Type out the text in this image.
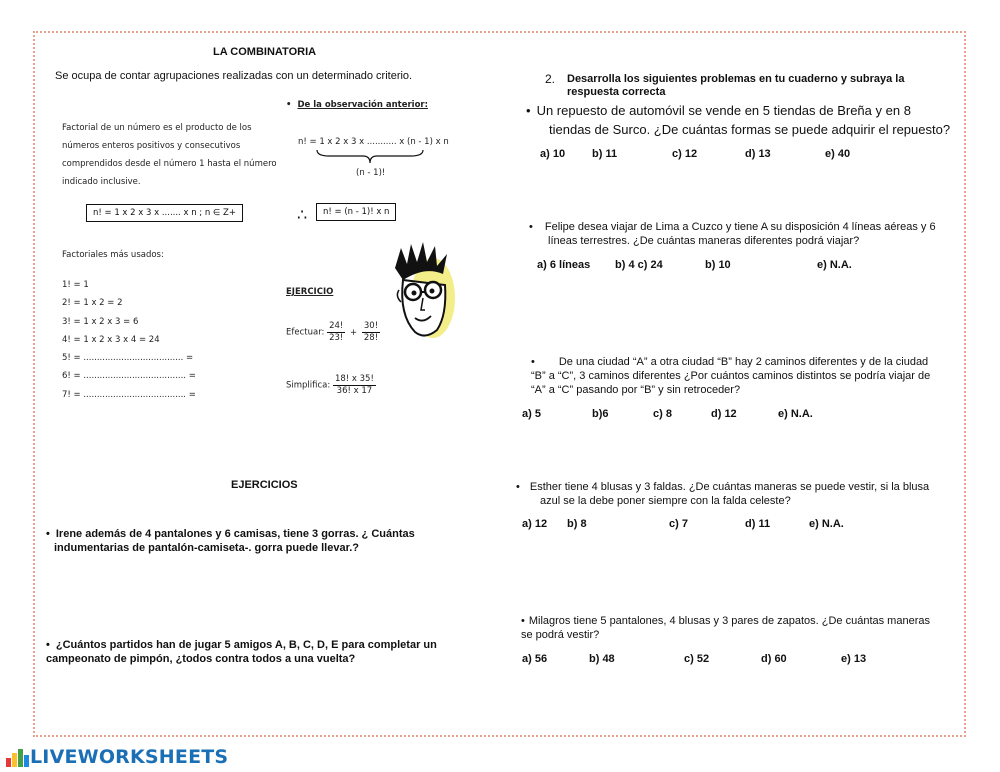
LA COMBINATORIA
Se ocupa de contar agrupaciones realizadas con un determinado criterio.
Factorial de un número es el producto de los
números enteros positivos y consecutivos
comprendidos desde el número 1 hasta el número
indicado inclusive.
n! = 1 x 2 x 3 x ....... x n ; n ∈ Z+
• De la observación anterior:
n! = 1 x 2 x 3 x ........... x (n - 1) x n
(n - 1)!
∴	n! = (n - 1)! x n
Factoriales más usados:
1! = 1
2! = 1 x 2 = 2
3! = 1 x 2 x 3 = 6
4! = 1 x 2 x 3 x 4 = 24
5! = ..................................... =
6! = ...................................... =
7! = ...................................... =
EJERCICIO
Efectuar: $\frac{24!}{23!} + \frac{30!}{28!}$
Simplifica: $\frac{18! x 35!}{36! x 17}$
EJERCICIOS
• Irene además de 4 pantalones y 6 camisas, tiene 3 gorras. ¿ Cuántas
indumentarias de pantalón-camiseta-. gorra puede llevar.?
• ¿Cuántos partidos han de jugar 5 amigos A, B, C, D, E para completar un
campeonato de pimpón, ¿todos contra todos a una vuelta?
2. Desarrolla los siguientes problemas en tu cuaderno y subraya la
respuesta correcta
• Un repuesto de automóvil se vende en 5 tiendas de Breña y en 8
tiendas de Surco. ¿De cuántas formas se puede adquirir el repuesto?
a) 10 b) 11	c) 12	d) 13	e) 40
• Felipe desea viajar de Lima a Cuzco y tiene A su disposición 4 líneas aéreas y 6
líneas terrestres. ¿De cuántas maneras diferentes podrá viajar?
a) 6 líneas b) 4 c) 24	b) 10	e) N.A.
• De una ciudad “A” a otra ciudad “B” hay 2 caminos diferentes y de la ciudad
“B” a “C”, 3 caminos diferentes ¿Por cuántos caminos distintos se podría viajar de
“A” a “C” pasando por “B” y sin retroceder?
a) 5	b)6	c) 8	d) 12	e) N.A.
• Esther tiene 4 blusas y 3 faldas. ¿De cuántas maneras se puede vestir, si la blusa
azul se la debe poner siempre con la falda celeste?
a) 12 b) 8	c) 7	d) 11	e) N.A.
• Milagros tiene 5 pantalones, 4 blusas y 3 pares de zapatos. ¿De cuántas maneras
se podrá vestir?
a) 56	b) 48	c) 52	d) 60	e) 13
LIVEWORKSHEETS
